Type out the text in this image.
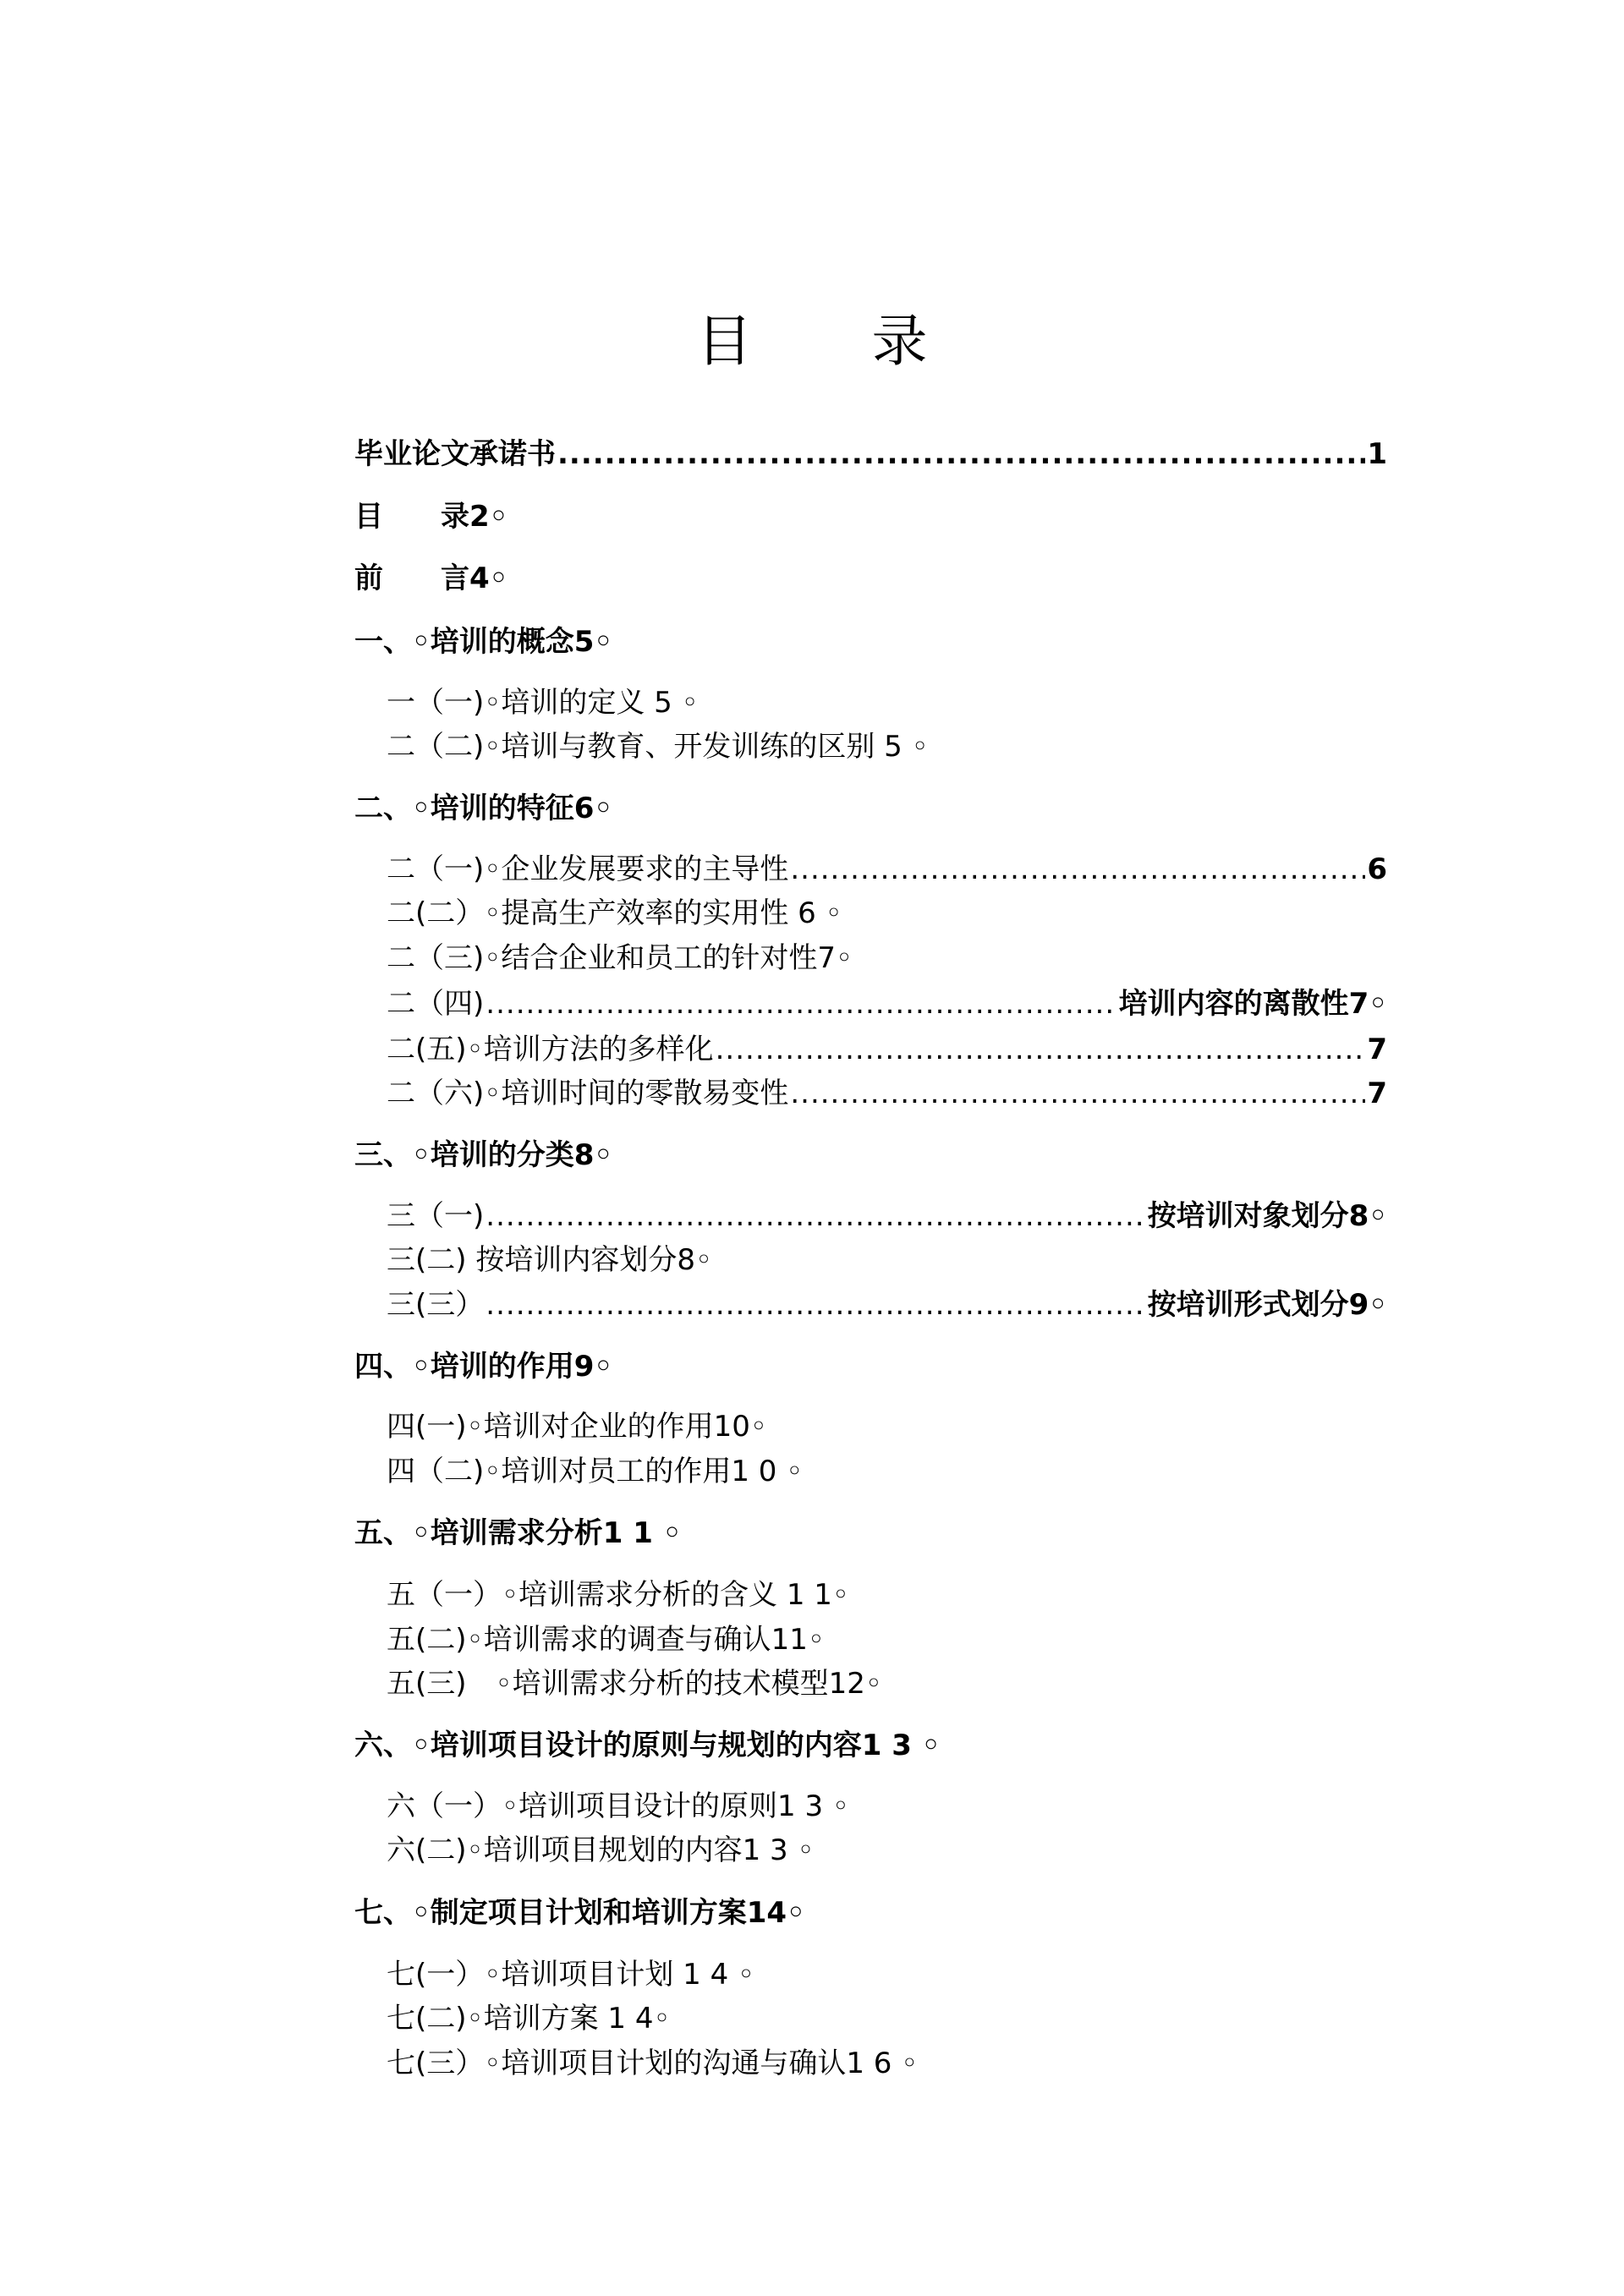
目 录
毕业论文承诺书 .....	1
目　　录2◦
前　　言4◦
一、◦培训的概念5◦
一（一)◦培训的定义 5 ◦
二（二)◦培训与教育、开发训练的区别 5 ◦
二、◦培训的特征6◦
二（一)◦企业发展要求的主导性 .....	6
二(二）◦提高生产效率的实用性 6 ◦
二（三)◦结合企业和员工的针对性7◦
二（四) .....	培训内容的离散性7◦
二(五)◦培训方法的多样化 .....	7
二（六)◦培训时间的零散易变性 .....	7
三、◦培训的分类8◦
三（一) .....	按培训对象划分8◦
三(二) 按培训内容划分8◦
三(三） .....	按培训形式划分9◦
四、◦培训的作用9◦
四(一)◦培训对企业的作用10◦
四（二)◦培训对员工的作用1 0 ◦
五、◦培训需求分析1 1 ◦
五（一）◦培训需求分析的含义 1 1◦
五(二)◦培训需求的调查与确认11◦
五(三)　◦培训需求分析的技术模型12◦
六、◦培训项目设计的原则与规划的内容1 3 ◦
六（一）◦培训项目设计的原则1 3 ◦
六(二)◦培训项目规划的内容1 3 ◦
七、◦制定项目计划和培训方案14◦
七(一）◦培训项目计划 1 4 ◦
七(二)◦培训方案 1 4◦
七(三）◦培训项目计划的沟通与确认1 6 ◦
